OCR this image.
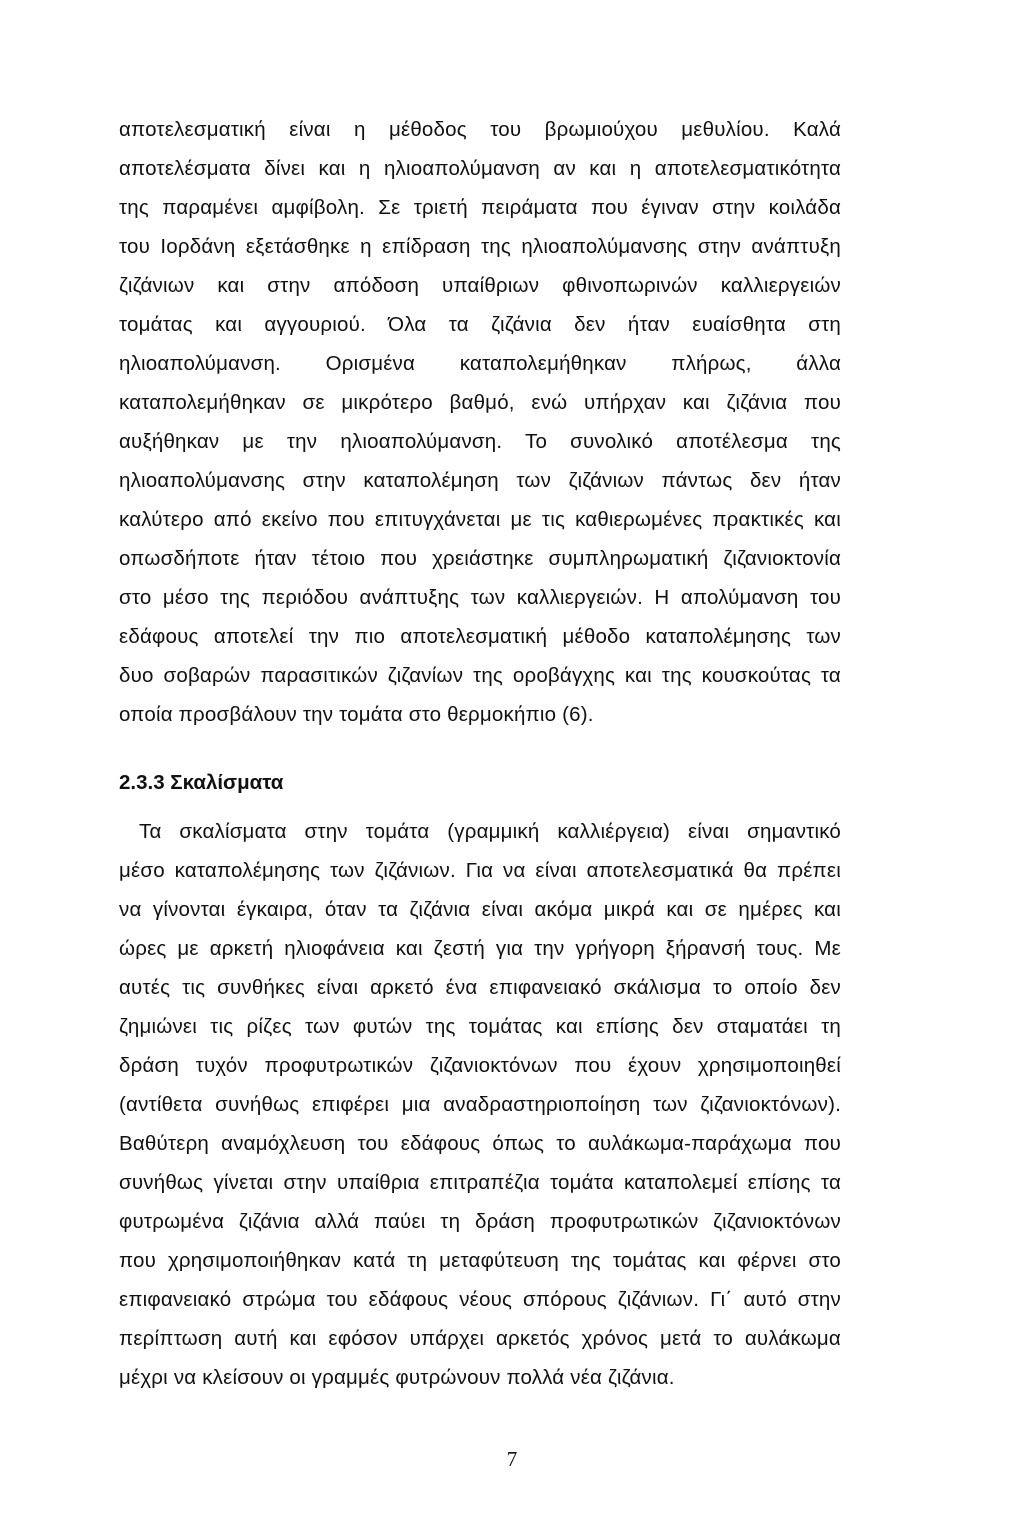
αποτελεσματική είναι η μέθοδος του βρωμιούχου μεθυλίου. Καλά
αποτελέσματα δίνει και η ηλιοαπολύμανση αν και η αποτελεσματικότητα
της παραμένει αμφίβολη. Σε τριετή πειράματα που έγιναν στην κοιλάδα
του Ιορδάνη εξετάσθηκε η επίδραση της ηλιοαπολύμανσης στην ανάπτυξη
ζιζάνιων και στην απόδοση υπαίθριων φθινοπωρινών καλλιεργειών
τομάτας και αγγουριού. Όλα τα ζιζάνια δεν ήταν ευαίσθητα στη
ηλιοαπολύμανση. Ορισμένα καταπολεμήθηκαν πλήρως, άλλα
καταπολεμήθηκαν σε μικρότερο βαθμό, ενώ υπήρχαν και ζιζάνια που
αυξήθηκαν με την ηλιοαπολύμανση. Το συνολικό αποτέλεσμα της
ηλιοαπολύμανσης στην καταπολέμηση των ζιζάνιων πάντως δεν ήταν
καλύτερο από εκείνο που επιτυγχάνεται με τις καθιερωμένες πρακτικές και
οπωσδήποτε ήταν τέτοιο που χρειάστηκε συμπληρωματική ζιζανιοκτονία
στο μέσο της περιόδου ανάπτυξης των καλλιεργειών. Η απολύμανση του
εδάφους αποτελεί την πιο αποτελεσματική μέθοδο καταπολέμησης των
δυο σοβαρών παρασιτικών ζιζανίων της οροβάγχης και της κουσκούτας τα
οποία προσβάλουν την τομάτα στο θερμοκήπιο (6).
2.3.3 Σκαλίσματα
Τα σκαλίσματα στην τομάτα (γραμμική καλλιέργεια) είναι σημαντικό
μέσο καταπολέμησης των ζιζάνιων. Για να είναι αποτελεσματικά θα πρέπει
να γίνονται έγκαιρα, όταν τα ζιζάνια είναι ακόμα μικρά και σε ημέρες και
ώρες με αρκετή ηλιοφάνεια και ζεστή για την γρήγορη ξήρανσή τους. Με
αυτές τις συνθήκες είναι αρκετό ένα επιφανειακό σκάλισμα το οποίο δεν
ζημιώνει τις ρίζες των φυτών της τομάτας και επίσης δεν σταματάει τη
δράση τυχόν προφυτρωτικών ζιζανιοκτόνων που έχουν χρησιμοποιηθεί
(αντίθετα συνήθως επιφέρει μια αναδραστηριοποίηση των ζιζανιοκτόνων).
Βαθύτερη αναμόχλευση του εδάφους όπως το αυλάκωμα-παράχωμα που
συνήθως γίνεται στην υπαίθρια επιτραπέζια τομάτα καταπολεμεί επίσης τα
φυτρωμένα ζιζάνια αλλά παύει τη δράση προφυτρωτικών ζιζανιοκτόνων
που χρησιμοποιήθηκαν κατά τη μεταφύτευση της τομάτας και φέρνει στο
επιφανειακό στρώμα του εδάφους νέους σπόρους ζιζάνιων. Γι΄ αυτό στην
περίπτωση αυτή και εφόσον υπάρχει αρκετός χρόνος μετά το αυλάκωμα
μέχρι να κλείσουν οι γραμμές φυτρώνουν πολλά νέα ζιζάνια.
7
